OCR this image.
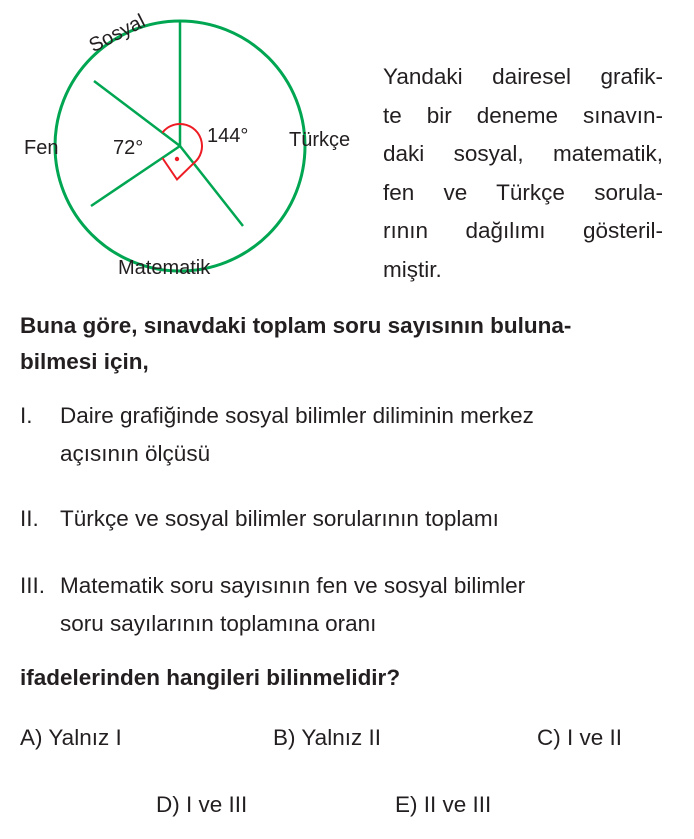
Sosyal
Fen	72°
144° Türkçe
Matematik
Yandaki dairesel grafik-
te bir deneme sınavın-
daki sosyal, matematik,
fen ve Türkçe sorula-
rının dağılımı gösteril-
miştir.
Buna göre, sınavdaki toplam soru sayısının buluna-
bilmesi için,
I. Daire grafiğinde sosyal bilimler diliminin merkez
açısının ölçüsü
II. Türkçe ve sosyal bilimler sorularının toplamı
III. Matematik soru sayısının fen ve sosyal bilimler
soru sayılarının toplamına oranı
ifadelerinden hangileri bilinmelidir?
A) Yalnız I	B) Yalnız II	C) I ve II
D) I ve III	E) II ve III
